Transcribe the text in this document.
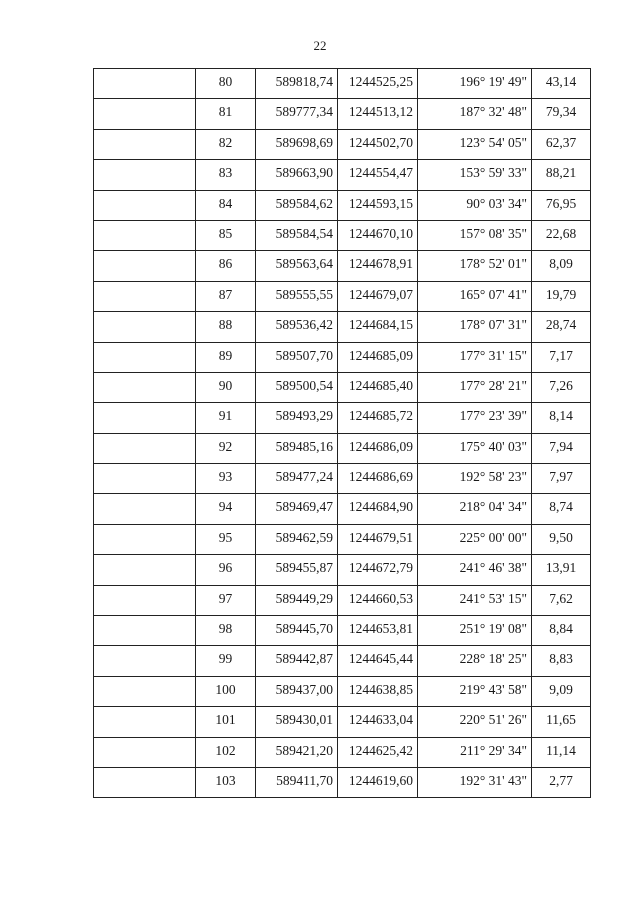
22
	80	589818,74	1244525,25	196° 19' 49"	43,14
	81	589777,34	1244513,12	187° 32' 48"	79,34
	82	589698,69	1244502,70	123° 54' 05"	62,37
	83	589663,90	1244554,47	153° 59' 33"	88,21
	84	589584,62	1244593,15	90° 03' 34"	76,95
	85	589584,54	1244670,10	157° 08' 35"	22,68
	86	589563,64	1244678,91	178° 52' 01"	8,09
	87	589555,55	1244679,07	165° 07' 41"	19,79
	88	589536,42	1244684,15	178° 07' 31"	28,74
	89	589507,70	1244685,09	177° 31' 15"	7,17
	90	589500,54	1244685,40	177° 28' 21"	7,26
	91	589493,29	1244685,72	177° 23' 39"	8,14
	92	589485,16	1244686,09	175° 40' 03"	7,94
	93	589477,24	1244686,69	192° 58' 23"	7,97
	94	589469,47	1244684,90	218° 04' 34"	8,74
	95	589462,59	1244679,51	225° 00' 00"	9,50
	96	589455,87	1244672,79	241° 46' 38"	13,91
	97	589449,29	1244660,53	241° 53' 15"	7,62
	98	589445,70	1244653,81	251° 19' 08"	8,84
	99	589442,87	1244645,44	228° 18' 25"	8,83
	100	589437,00	1244638,85	219° 43' 58"	9,09
	101	589430,01	1244633,04	220° 51' 26"	11,65
	102	589421,20	1244625,42	211° 29' 34"	11,14
	103	589411,70	1244619,60	192° 31' 43"	2,77
